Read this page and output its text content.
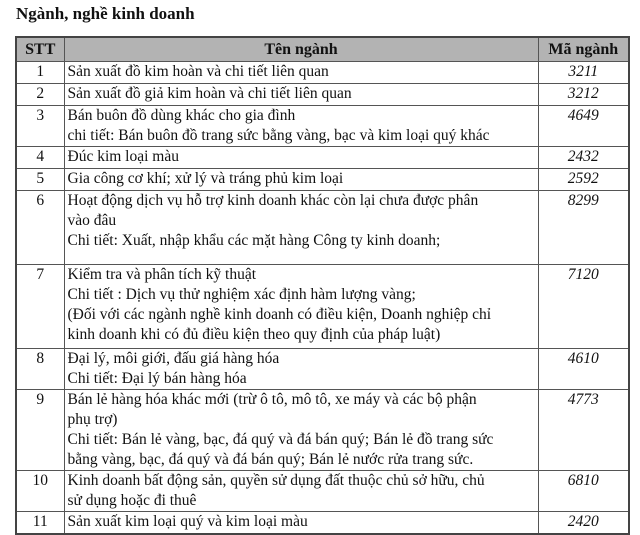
Ngành, nghề kinh doanh
STT	Tên ngành	Mã ngành
1	Sản xuất đồ kim hoàn và chi tiết liên quan	3211
2	Sản xuất đồ giả kim hoàn và chi tiết liên quan	3212
3	Bán buôn đồ dùng khác cho gia đình
chi tiết: Bán buôn đồ trang sức bằng vàng, bạc và kim loại quý khác	4649
4	Đúc kim loại màu	2432
5	Gia công cơ khí; xử lý và tráng phủ kim loại	2592
6	Hoạt động dịch vụ hỗ trợ kinh doanh khác còn lại chưa được phân
vào đâu
Chi tiết: Xuất, nhập khẩu các mặt hàng Công ty kinh doanh;	8299
7	Kiểm tra và phân tích kỹ thuật
Chi tiết : Dịch vụ thử nghiệm xác định hàm lượng vàng;
(Đối với các ngành nghề kinh doanh có điều kiện, Doanh nghiệp chỉ
kinh doanh khi có đủ điều kiện theo quy định của pháp luật)	7120
8	Đại lý, môi giới, đấu giá hàng hóa
Chi tiết: Đại lý bán hàng hóa	4610
9	Bán lẻ hàng hóa khác mới (trừ ô tô, mô tô, xe máy và các bộ phận
phụ trợ)
Chi tiết: Bán lẻ vàng, bạc, đá quý và đá bán quý; Bán lẻ đồ trang sức
bằng vàng, bạc, đá quý và đá bán quý; Bán lẻ nước rửa trang sức.	4773
10	Kinh doanh bất động sản, quyền sử dụng đất thuộc chủ sở hữu, chủ
sử dụng hoặc đi thuê	6810
11	Sản xuất kim loại quý và kim loại màu	2420
